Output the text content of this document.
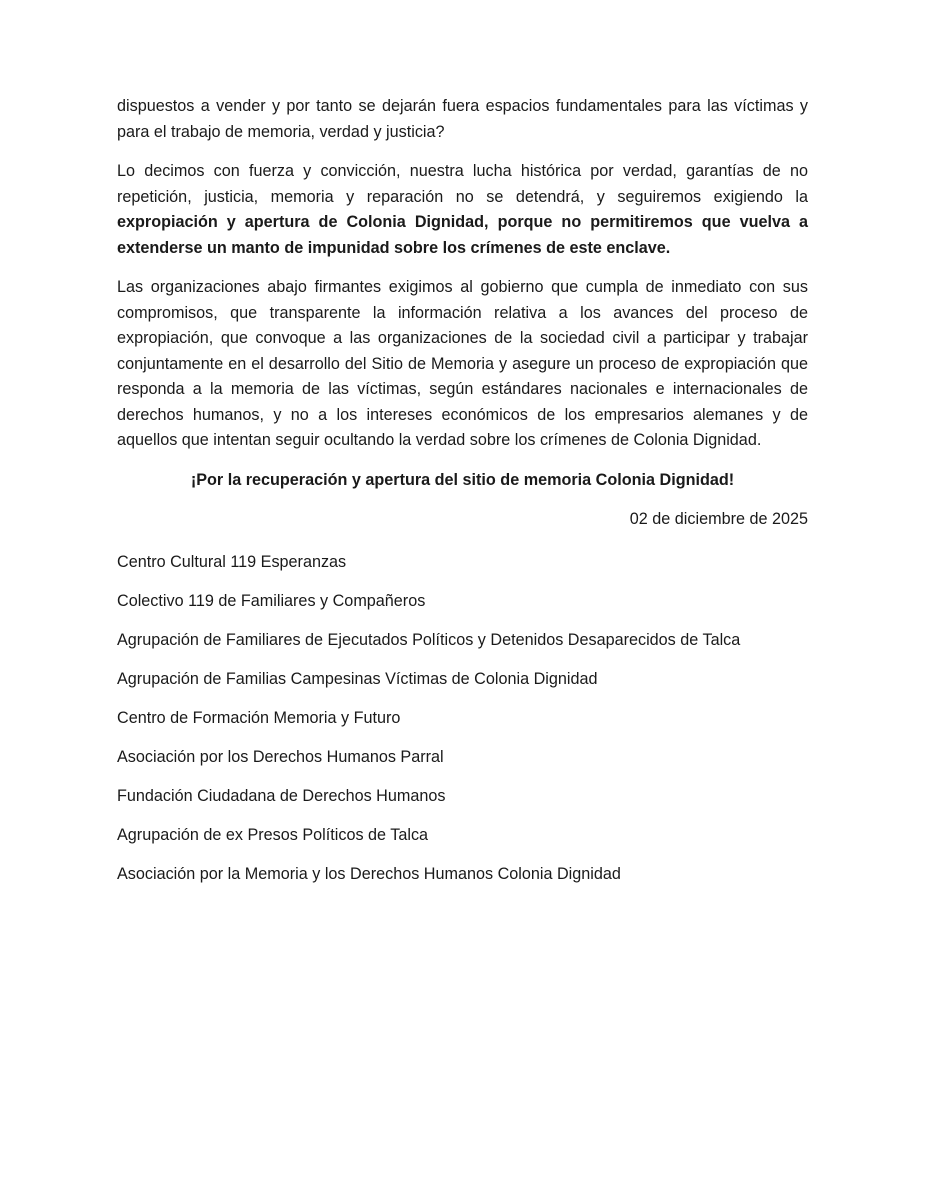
dispuestos a vender y por tanto se dejarán fuera espacios fundamentales para las víctimas y para el trabajo de memoria, verdad y justicia?

Lo decimos con fuerza y convicción, nuestra lucha histórica por verdad, garantías de no repetición, justicia, memoria y reparación no se detendrá, y seguiremos exigiendo la expropiación y apertura de Colonia Dignidad, porque no permitiremos que vuelva a extenderse un manto de impunidad sobre los crímenes de este enclave.

Las organizaciones abajo firmantes exigimos al gobierno que cumpla de inmediato con sus compromisos, que transparente la información relativa a los avances del proceso de expropiación, que convoque a las organizaciones de la sociedad civil a participar y trabajar conjuntamente en el desarrollo del Sitio de Memoria y asegure un proceso de expropiación que responda a la memoria de las víctimas, según estándares nacionales e internacionales de derechos humanos, y no a los intereses económicos de los empresarios alemanes y de aquellos que intentan seguir ocultando la verdad sobre los crímenes de Colonia Dignidad.

¡Por la recuperación y apertura del sitio de memoria Colonia Dignidad!

02 de diciembre de 2025

Centro Cultural 119 Esperanzas
Colectivo 119 de Familiares y Compañeros
Agrupación de Familiares de Ejecutados Políticos y Detenidos Desaparecidos de Talca
Agrupación de Familias Campesinas Víctimas de Colonia Dignidad
Centro de Formación Memoria y Futuro
Asociación por los Derechos Humanos Parral
Fundación Ciudadana de Derechos Humanos
Agrupación de ex Presos Políticos de Talca
Asociación por la Memoria y los Derechos Humanos Colonia Dignidad
